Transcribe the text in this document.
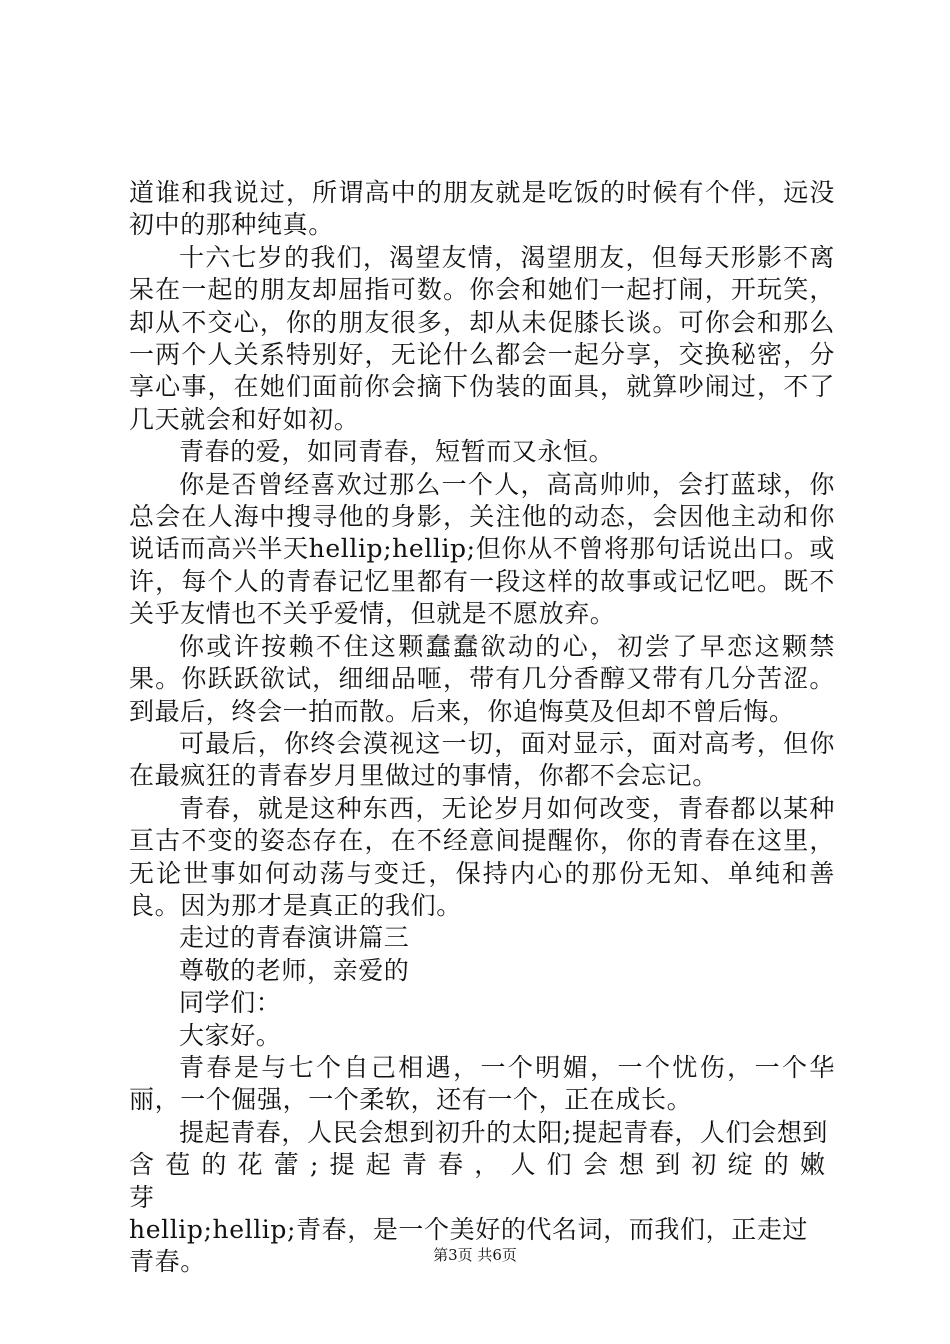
道谁和我说过，所谓高中的朋友就是吃饭的时候有个伴，远没初中的那种纯真。

十六七岁的我们，渴望友情，渴望朋友，但每天形影不离呆在一起的朋友却屈指可数。你会和她们一起打闹，开玩笑，却从不交心，你的朋友很多，却从未促膝长谈。可你会和那么一两个人关系特别好，无论什么都会一起分享，交换秘密，分享心事，在她们面前你会摘下伪装的面具，就算吵闹过，不了几天就会和好如初。

青春的爱，如同青春，短暂而又永恒。

你是否曾经喜欢过那么一个人，高高帅帅，会打蓝球，你总会在人海中搜寻他的身影，关注他的动态，会因他主动和你说话而高兴半天hellip;hellip;但你从不曾将那句话说出口。或许，每个人的青春记忆里都有一段这样的故事或记忆吧。既不关乎友情也不关乎爱情，但就是不愿放弃。

你或许按赖不住这颗蠢蠢欲动的心，初尝了早恋这颗禁果。你跃跃欲试，细细品咂，带有几分香醇又带有几分苦涩。到最后，终会一拍而散。后来，你追悔莫及但却不曾后悔。

可最后，你终会漠视这一切，面对显示，面对高考，但你在最疯狂的青春岁月里做过的事情，你都不会忘记。

青春，就是这种东西，无论岁月如何改变，青春都以某种亘古不变的姿态存在，在不经意间提醒你，你的青春在这里，无论世事如何动荡与变迁，保持内心的那份无知、单纯和善良。因为那才是真正的我们。

走过的青春演讲篇三

尊敬的老师，亲爱的

同学们：

大家好。

青春是与七个自己相遇，一个明媚，一个忧伤，一个华丽，一个倔强，一个柔软，还有一个，正在成长。

提起青春，人民会想到初升的太阳;提起青春，人们会想到

含苞的花蕾;提起青春，人们会想到初绽的嫩芽

hellip;hellip;青春，是一个美好的代名词，而我们，正走过

青春。	第3页 共6页
